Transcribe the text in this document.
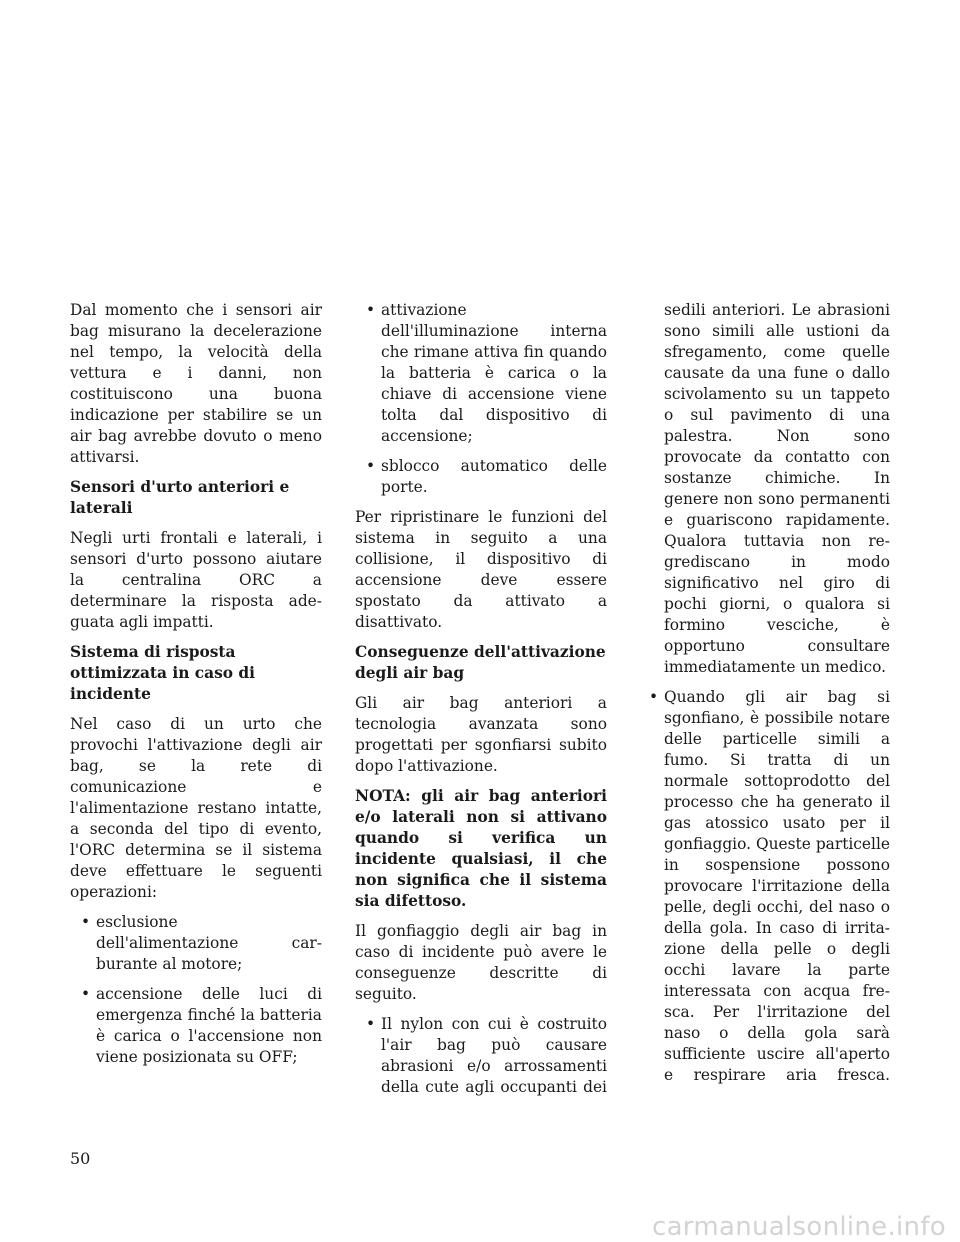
Dal momento che i sensori air bag misurano la decelerazione nel tempo, la velocità della vettura e i danni, non costituiscono una buona indicazione per stabilire se un air bag avrebbe dovuto o meno attivarsi.

Sensori d'urto anteriori e laterali

Negli urti frontali e laterali, i sensori d'urto possono aiutare la centralina ORC a determinare la risposta adeguata agli impatti.

Sistema di risposta ottimizzata in caso di incidente

Nel caso di un urto che provochi l'attivazione degli air bag, se la rete di comunicazione e l'alimentazione restano intatte, a seconda del tipo di evento, l'ORC determina se il sistema deve effettuare le seguenti operazioni:

• esclusione dell'alimentazione carburante al motore;
• accensione delle luci di emergenza finché la batteria è carica o l'accensione non viene posizionata su OFF;
• attivazione dell'illuminazione interna che rimane attiva fin quando la batteria è carica o la chiave di accensione viene tolta dal dispositivo di accensione;
• sblocco automatico delle porte.

Per ripristinare le funzioni del sistema in seguito a una collisione, il dispositivo di accensione deve essere spostato da attivato a disattivato.

Conseguenze dell'attivazione degli air bag

Gli air bag anteriori a tecnologia avanzata sono progettati per sgonfiarsi subito dopo l'attivazione.

NOTA: gli air bag anteriori e/o laterali non si attivano quando si verifica un incidente qualsiasi, il che non significa che il sistema sia difettoso.

Il gonfiaggio degli air bag in caso di incidente può avere le conseguenze descritte di seguito.

• Il nylon con cui è costruito l'air bag può causare abrasioni e/o arrossamenti della cute agli occupanti dei

sedili anteriori. Le abrasioni sono simili alle ustioni da sfregamento, come quelle causate da una fune o dallo scivolamento su un tappeto o sul pavimento di una palestra. Non sono provocate da contatto con sostanze chimiche. In genere non sono permanenti e guariscono rapidamente. Qualora tuttavia non regrediscano in modo significativo nel giro di pochi giorni, o qualora si formino vesciche, è opportuno consultare immediatamente un medico.

• Quando gli air bag si sgonfiano, è possibile notare delle particelle simili a fumo. Si tratta di un normale sottoprodotto del processo che ha generato il gas atossico usato per il gonfiaggio. Queste particelle in sospensione possono provocare l'irritazione della pelle, degli occhi, del naso o della gola. In caso di irritazione della pelle o degli occhi lavare la parte interessata con acqua fresca. Per l'irritazione del naso o della gola sarà sufficiente uscire all'aperto e respirare aria fresca.
50
carmanualsonline.info
